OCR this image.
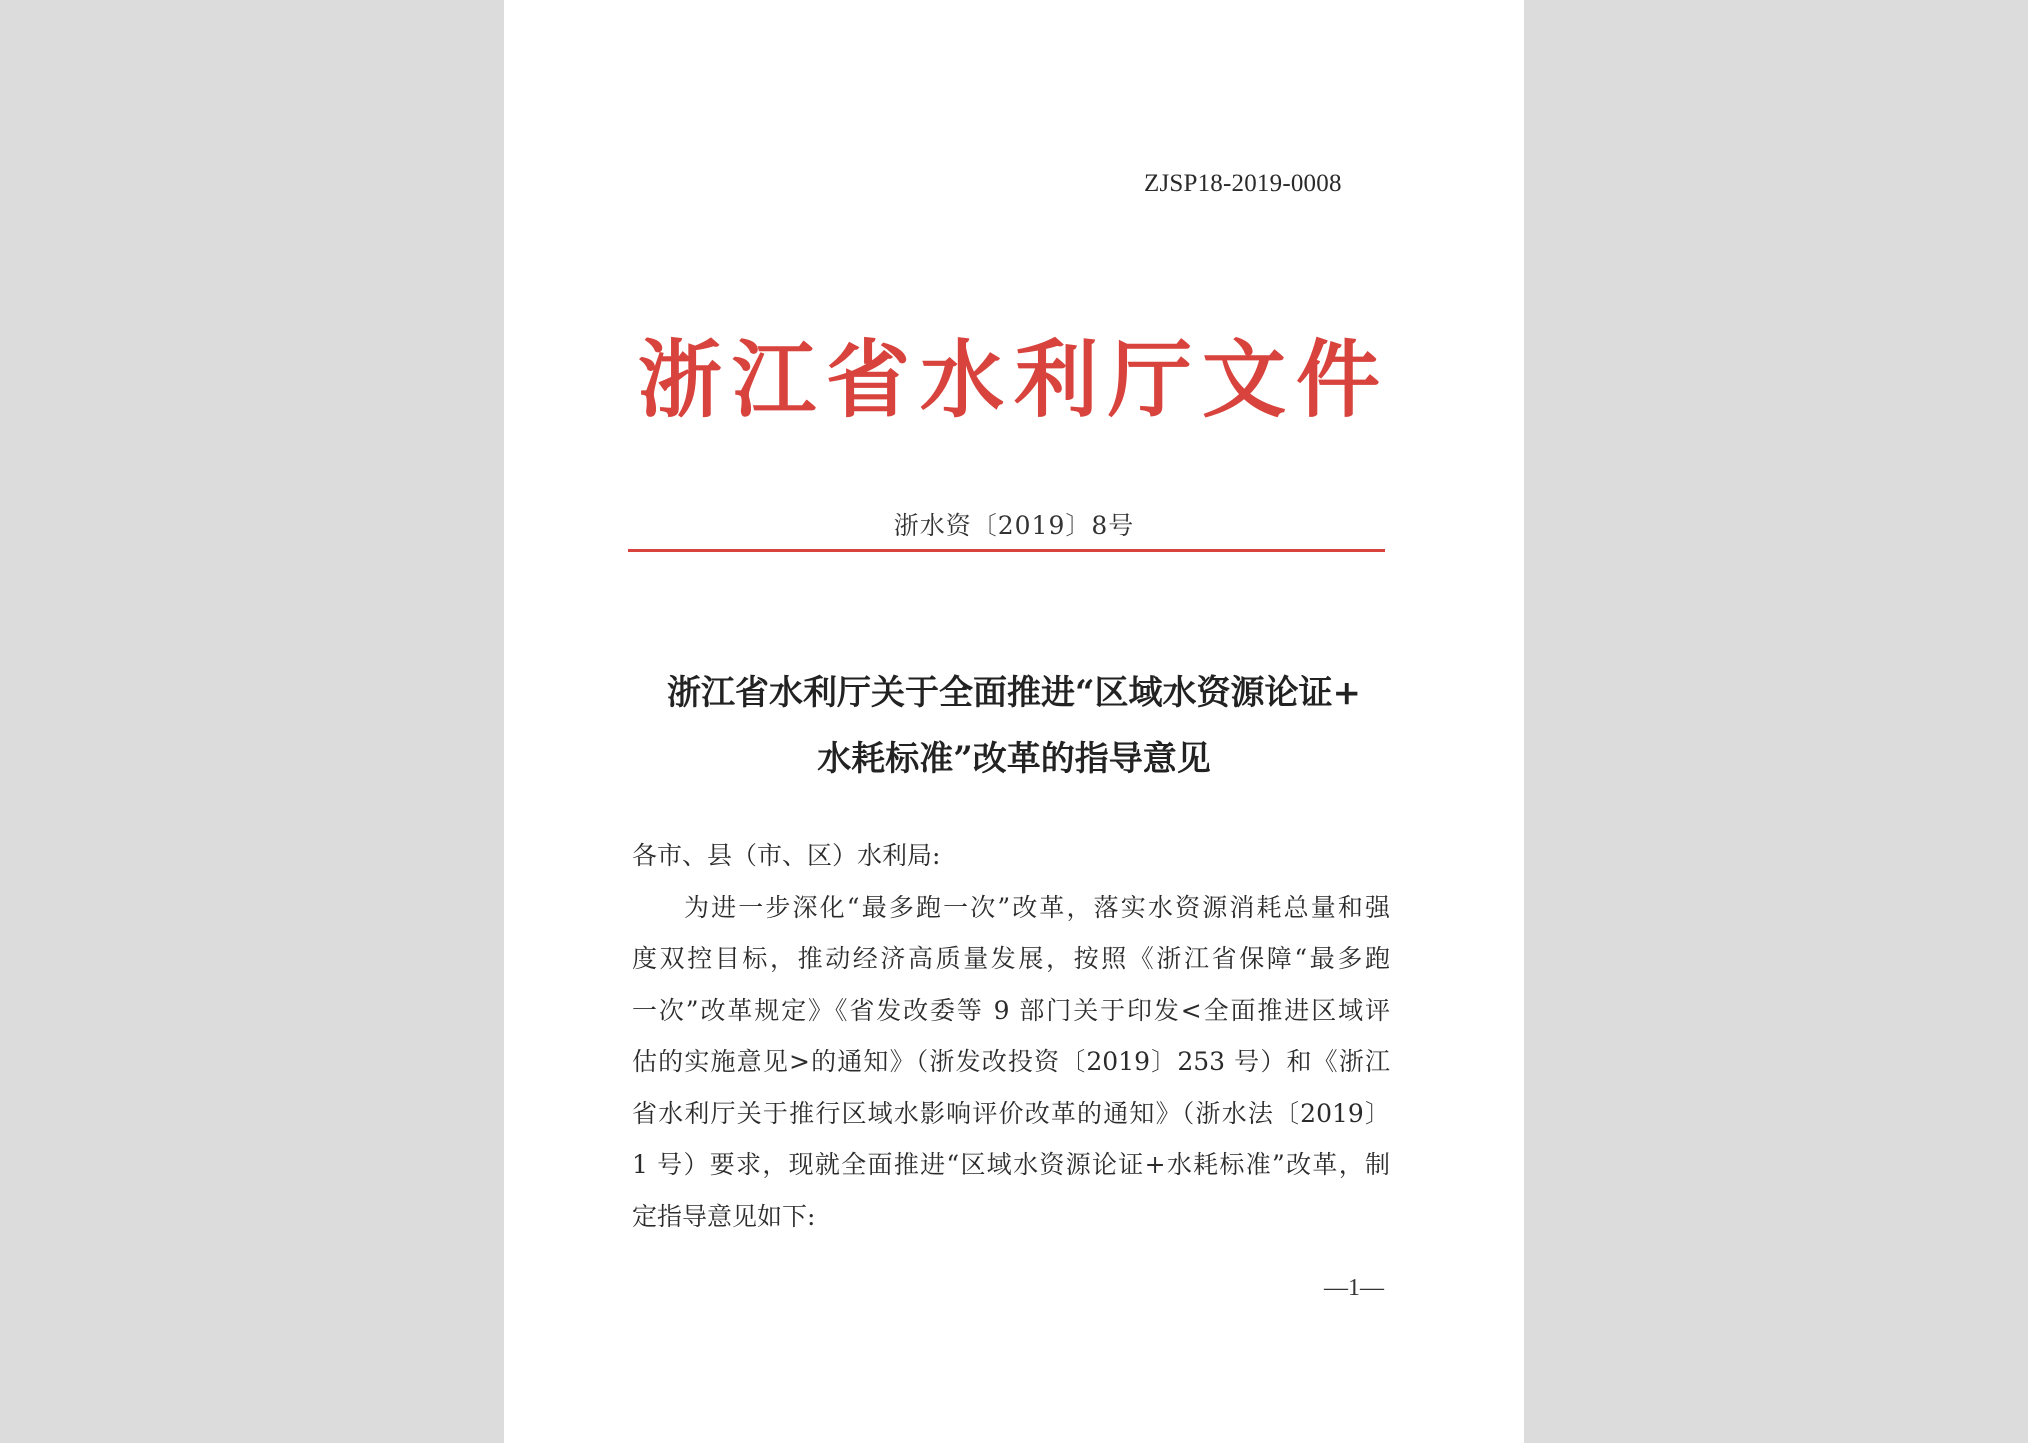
ZJSP18-2019-0008
浙江省水利厅文件
浙水资〔2019〕8号
浙江省水利厅关于全面推进“区域水资源论证+
水耗标准”改革的指导意见
各市、县（市、区）水利局:
为进一步深化“最多跑一次”改革，落实水资源消耗总量和强
度双控目标，推动经济高质量发展，按照《浙江省保障“最多跑
一次”改革规定》《省发改委等 9 部门关于印发<全面推进区域评
估的实施意见>的通知》（浙发改投资〔2019〕253 号）和《浙江
省水利厅关于推行区域水影响评价改革的通知》（浙水法〔2019〕
1 号）要求，现就全面推进“区域水资源论证+水耗标准”改革，制
定指导意见如下:
—1—
